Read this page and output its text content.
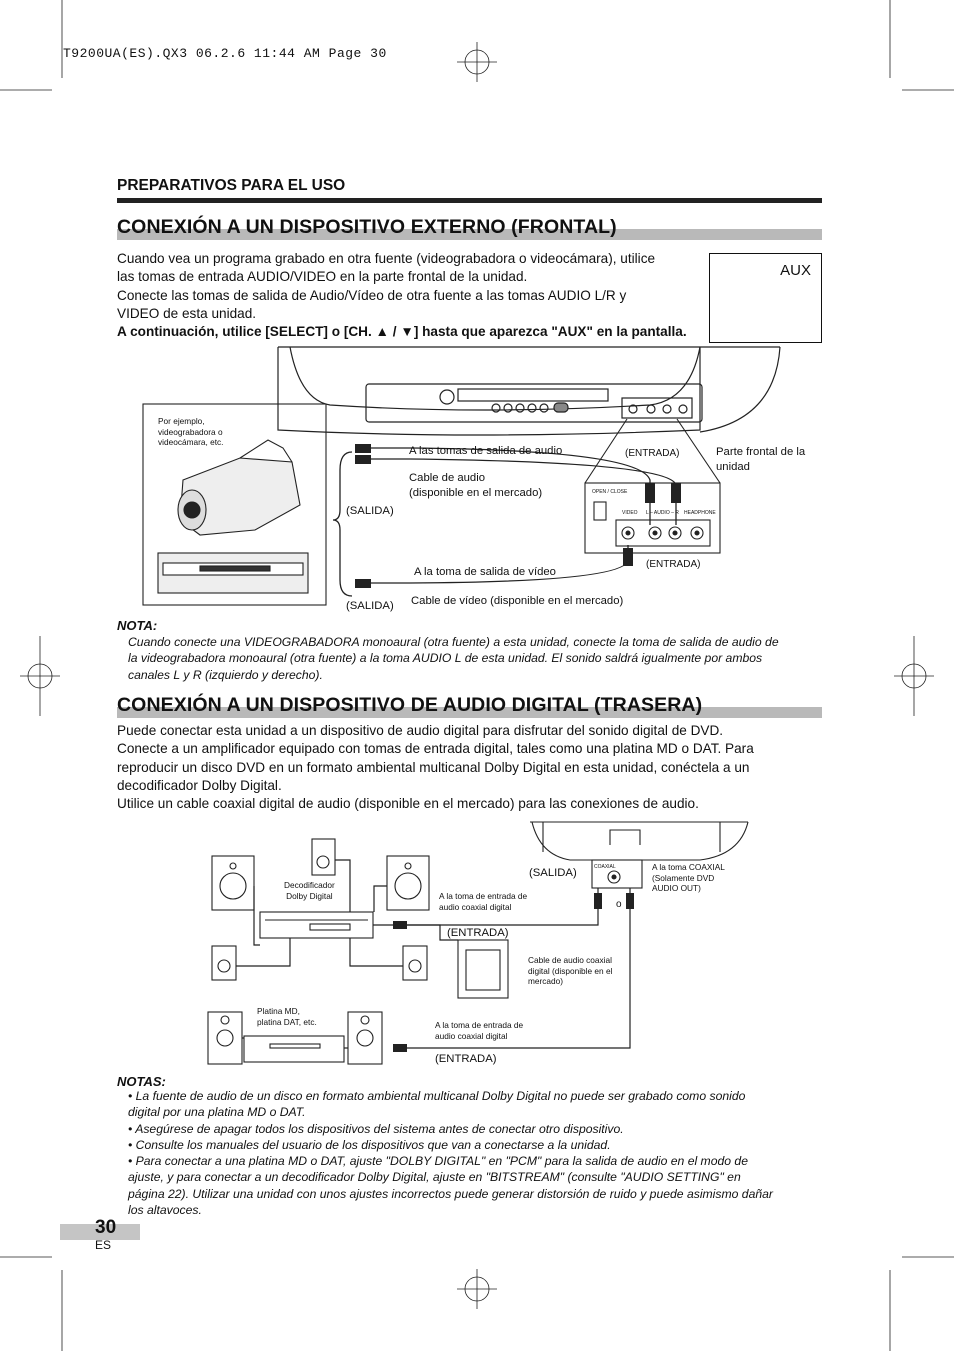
T9200UA(ES).QX3 06.2.6 11:44 AM Page 30
PREPARATIVOS PARA EL USO
CONEXIÓN A UN DISPOSITIVO EXTERNO (FRONTAL)
Cuando vea un programa grabado en otra fuente (videograbadora o videocámara), utilice
las tomas de entrada AUDIO/VIDEO en la parte frontal de la unidad.
Conecte las tomas de salida de Audio/Vídeo de otra fuente a las tomas AUDIO L/R y
VIDEO de esta unidad.
A continuación, utilice [SELECT] o [CH. ▲ / ▼] hasta que aparezca "AUX" en la pantalla.
AUX
Por ejemplo,
videograbadora o
videocámara, etc.
A las tomas de salida de audio
Cable de audio
(disponible en el mercado)
(SALIDA)
A la toma de salida de vídeo
(SALIDA) Cable de vídeo (disponible en el mercado)
(ENTRADA)
(ENTRADA)
Parte frontal de la
unidad
OPEN / CLOSE
VIDEO L – AUDIO – R HEADPHONE
NOTA:
Cuando conecte una VIDEOGRABADORA monoaural (otra fuente) a esta unidad, conecte la toma de salida de audio de
la videograbadora monoaural (otra fuente) a la toma AUDIO L de esta unidad. El sonido saldrá igualmente por ambos
canales L y R (izquierdo y derecho).
CONEXIÓN A UN DISPOSITIVO DE AUDIO DIGITAL (TRASERA)
Puede conectar esta unidad a un dispositivo de audio digital para disfrutar del sonido digital de DVD.
Conecte a un amplificador equipado con tomas de entrada digital, tales como una platina MD o DAT. Para
reproducir un disco DVD en un formato ambiental multicanal Dolby Digital en esta unidad, conéctela a un
decodificador Dolby Digital.
Utilice un cable coaxial digital de audio (disponible en el mercado) para las conexiones de audio.
Decodificador
Dolby Digital	A la toma de entrada de
audio coaxial digital
(SALIDA)	COAXIAL	A la toma COAXIAL
(Solamente DVD
AUDIO OUT)
(ENTRADA)
Cable de audio coaxial
digital (disponible en el
mercado)
Platina MD,
platina DAT, etc.	A la toma de entrada de
audio coaxial digital
(ENTRADA)
o
NOTAS:
• La fuente de audio de un disco en formato ambiental multicanal Dolby Digital no puede ser grabado como sonido
digital por una platina MD o DAT.
• Asegúrese de apagar todos los dispositivos del sistema antes de conectar otro dispositivo.
• Consulte los manuales del usuario de los dispositivos que van a conectarse a la unidad.
• Para conectar a una platina MD o DAT, ajuste "DOLBY DIGITAL" en "PCM" para la salida de audio en el modo de
ajuste, y para conectar a un decodificador Dolby Digital, ajuste en "BITSTREAM" (consulte "AUDIO SETTING" en
página 22). Utilizar una unidad con unos ajustes incorrectos puede generar distorsión de ruido y puede asimismo dañar
los altavoces.
30
ES
